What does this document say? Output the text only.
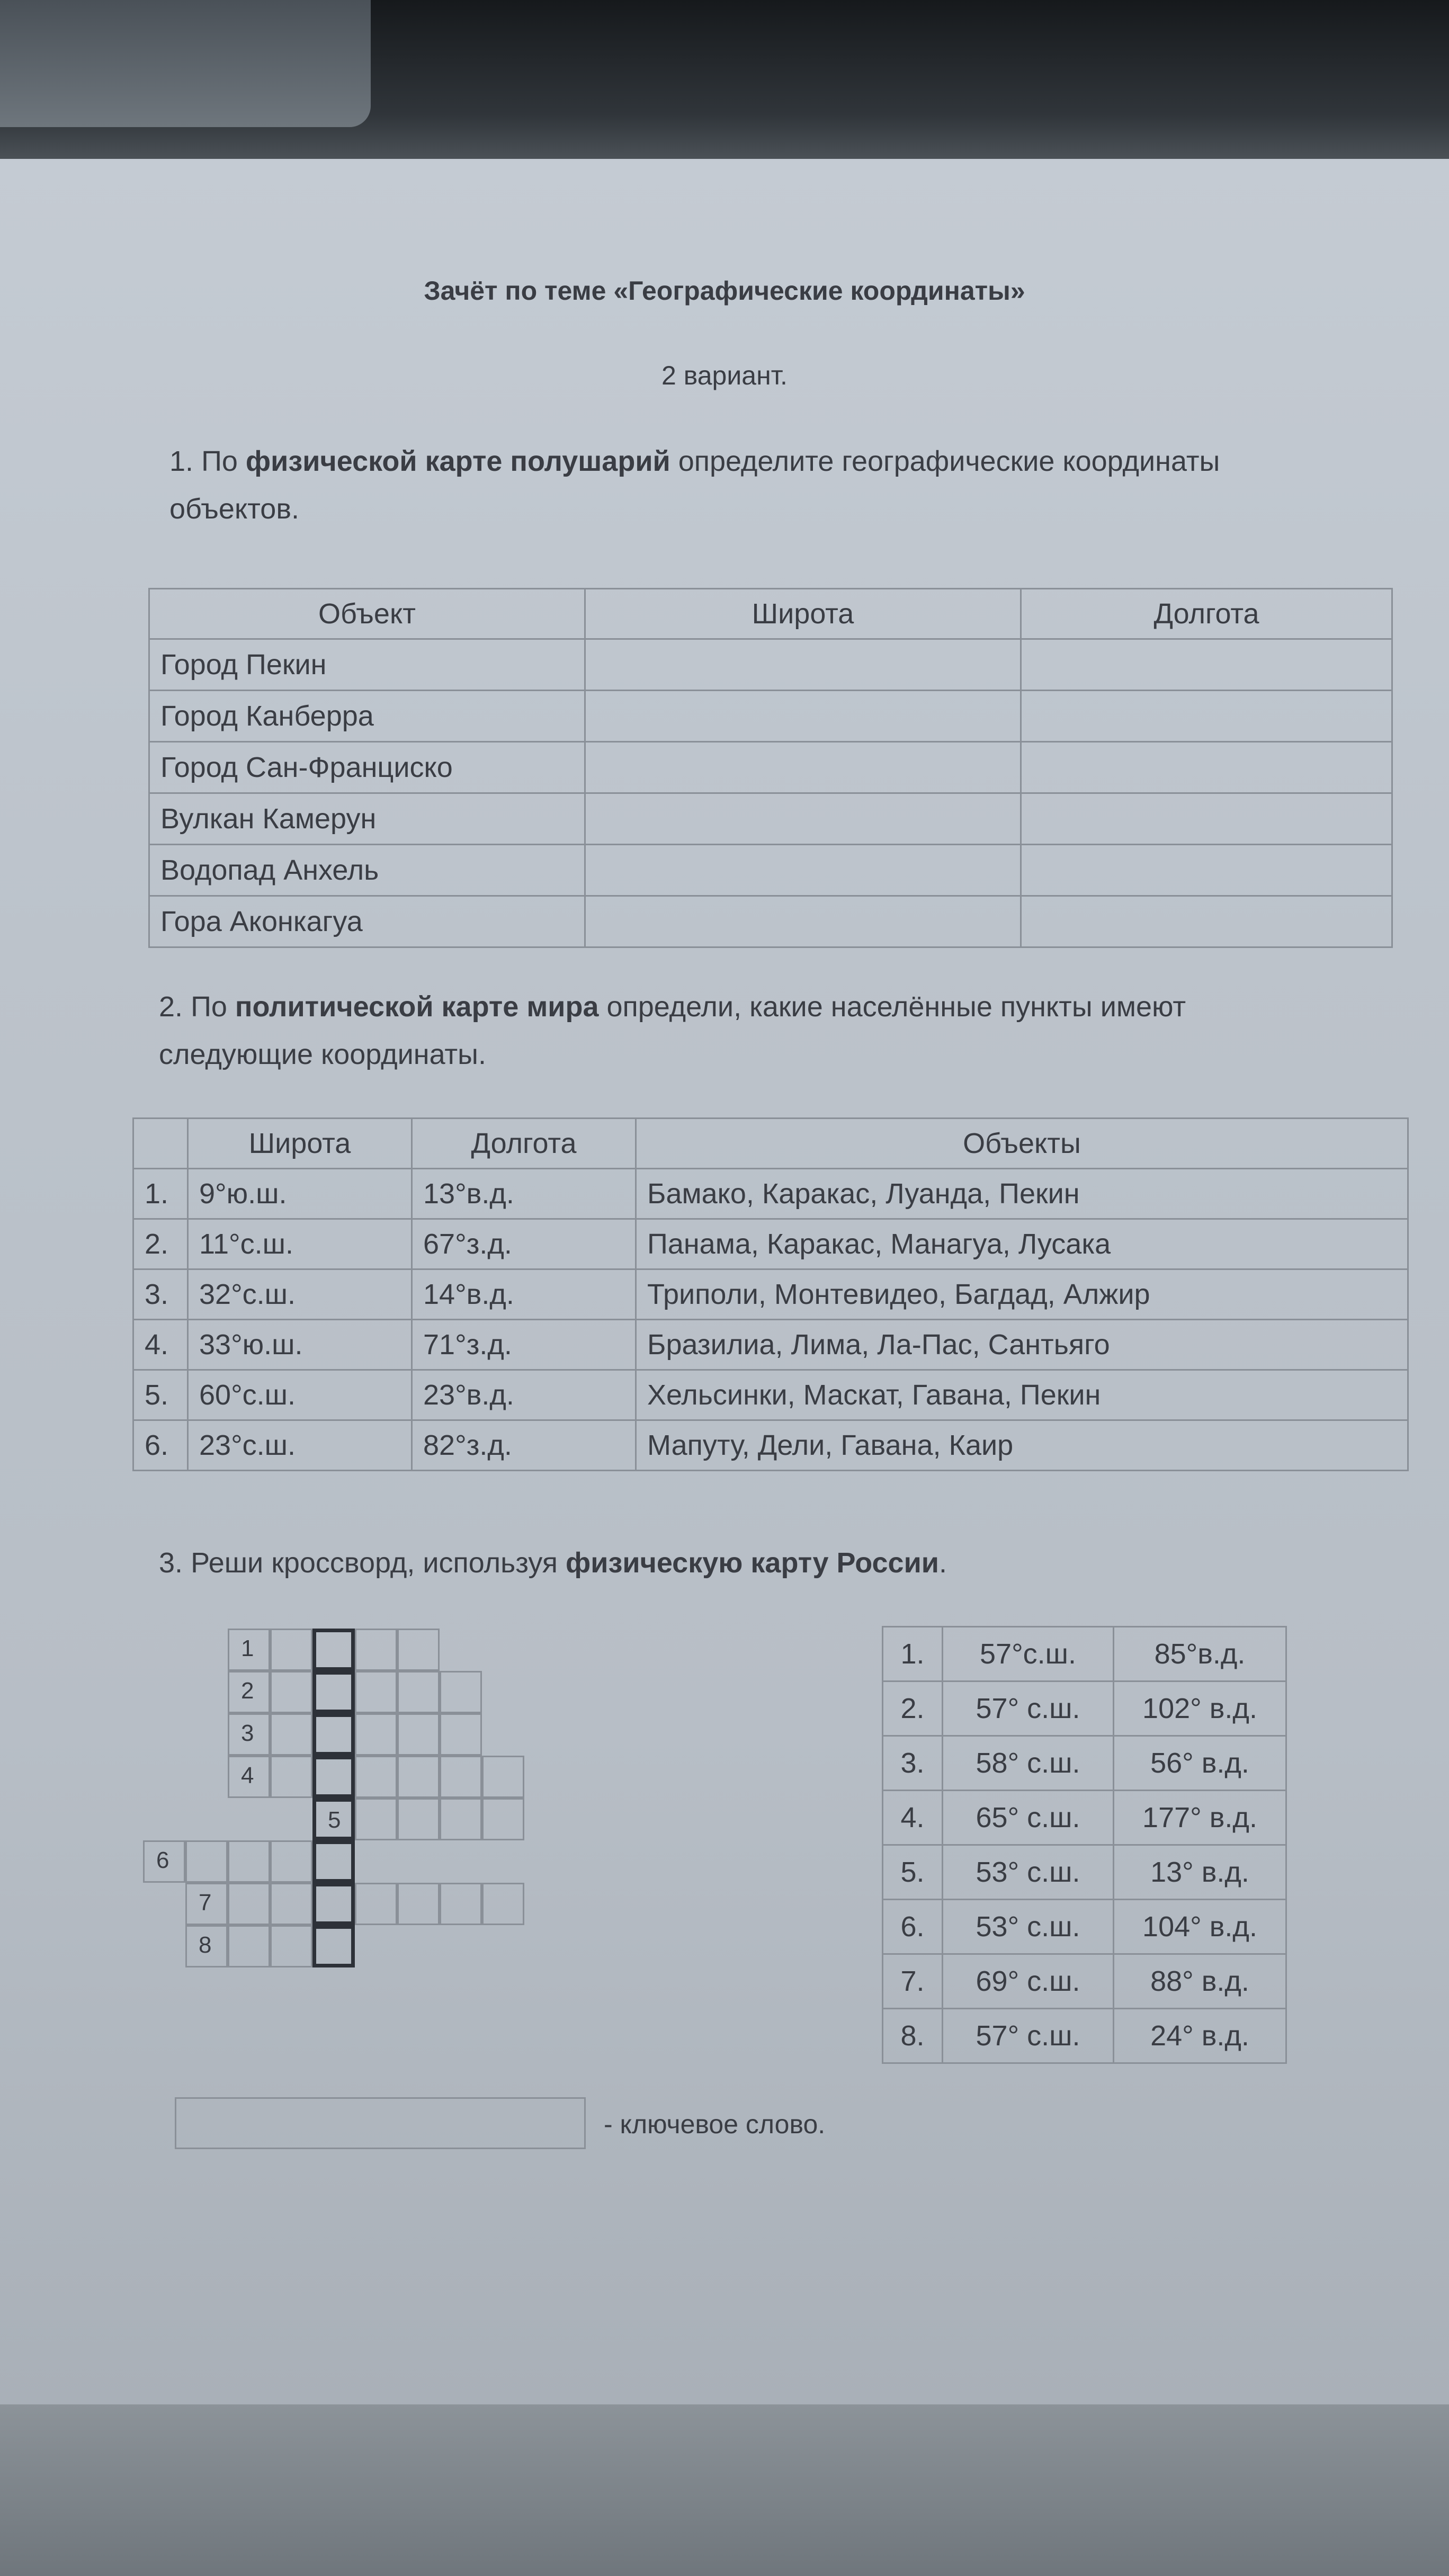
Зачёт по теме «Географические координаты»
2 вариант.
1. По физической карте полушарий определите географические координаты
объектов.
Объект	Широта	Долгота
Город Пекин		
Город Канберра		
Город Сан-Франциско		
Вулкан Камерун		
Водопад Анхель		
Гора Аконкагуа		
2. По политической карте мира определи, какие населённые пункты имеют
следующие координаты.
	Широта	Долгота	Объекты
1.	9°ю.ш.	13°в.д.	Бамако, Каракас, Луанда, Пекин
2.	11°с.ш.	67°з.д.	Панама, Каракас, Манагуа, Лусака
3.	32°с.ш.	14°в.д.	Триполи, Монтевидео, Багдад, Алжир
4.	33°ю.ш.	71°з.д.	Бразилиа, Лима, Ла-Пас, Сантьяго
5.	60°с.ш.	23°в.д.	Хельсинки, Маскат, Гавана, Пекин
6.	23°с.ш.	82°з.д.	Мапуту, Дели, Гавана, Каир
3. Реши кроссворд, используя физическую карту России.
1
2
3
4
5
6
7
8
1.	57°с.ш.	85°в.д.
2.	57° с.ш.	102° в.д.
3.	58° с.ш.	56° в.д.
4.	65° с.ш.	177° в.д.
5.	53° с.ш.	13° в.д.
6.	53° с.ш.	104° в.д.
7.	69° с.ш.	88° в.д.
8.	57° с.ш.	24° в.д.
- ключевое слово.
